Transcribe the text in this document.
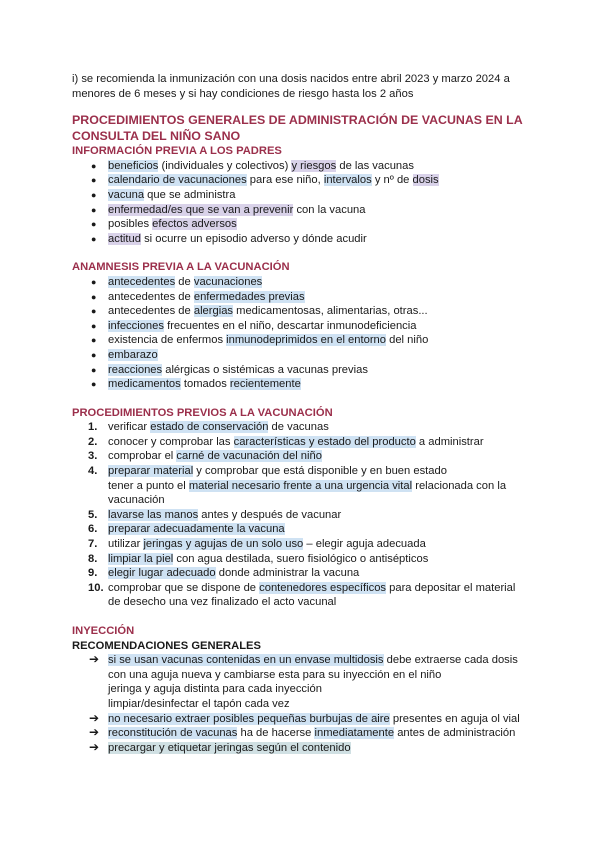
i) se recomienda la inmunización con una dosis nacidos entre abril 2023 y marzo 2024 a

menores de 6 meses y si hay condiciones de riesgo hasta los 2 años

PROCEDIMIENTOS GENERALES DE ADMINISTRACIÓN DE VACUNAS EN LA

CONSULTA DEL NIÑO SANO

INFORMACIÓN PREVIA A LOS PADRES

● beneficios (individuales y colectivos) y riesgos de las vacunas
● calendario de vacunaciones para ese niño, intervalos y nº de dosis
● vacuna que se administra
● enfermedad/es que se van a prevenir con la vacuna
● posibles efectos adversos
● actitud si ocurre un episodio adverso y dónde acudir

ANAMNESIS PREVIA A LA VACUNACIÓN

● antecedentes de vacunaciones
● antecedentes de enfermedades previas
● antecedentes de alergias medicamentosas, alimentarias, otras...
● infecciones frecuentes en el niño, descartar inmunodeficiencia
● existencia de enfermos inmunodeprimidos en el entorno del niño
● embarazo
● reacciones alérgicas o sistémicas a vacunas previas
● medicamentos tomados recientemente

PROCEDIMIENTOS PREVIOS A LA VACUNACIÓN

1. verificar estado de conservación de vacunas
2. conocer y comprobar las características y estado del producto a administrar
3. comprobar el carné de vacunación del niño
4. preparar material y comprobar que está disponible y en buen estado
tener a punto el material necesario frente a una urgencia vital relacionada con la
vacunación
5. lavarse las manos antes y después de vacunar
6. preparar adecuadamente la vacuna
7. utilizar jeringas y agujas de un solo uso – elegir aguja adecuada
8. limpiar la piel con agua destilada, suero fisiológico o antisépticos
9. elegir lugar adecuado donde administrar la vacuna
10. comprobar que se dispone de contenedores específicos para depositar el material
de desecho una vez finalizado el acto vacunal

INYECCIÓN

RECOMENDACIONES GENERALES

➔ si se usan vacunas contenidas en un envase multidosis debe extraerse cada dosis
con una aguja nueva y cambiarse esta para su inyección en el niño
jeringa y aguja distinta para cada inyección
limpiar/desinfectar el tapón cada vez
➔ no necesario extraer posibles pequeñas burbujas de aire presentes en aguja ol vial
➔ reconstitución de vacunas ha de hacerse inmediatamente antes de administración
➔ precargar y etiquetar jeringas según el contenido
